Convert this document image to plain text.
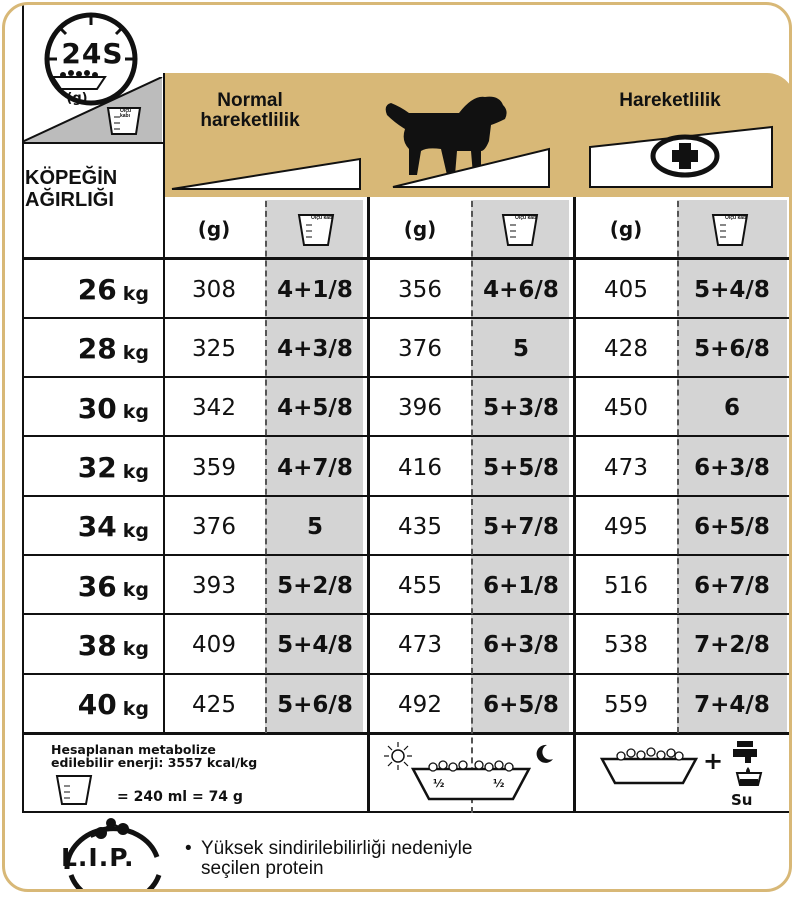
24S
(g)
Ölçü kabı
KÖPEĞİN
AĞIRLIĞI
Normal
hareketlilik
Hareketlilik
(g)	(g)	(g)
Ölçü kabı	Ölçü kabı	Ölçü kabı
26 kg	308	4+1/8	356	4+6/8	405	5+4/8
28 kg	325	4+3/8	376	5	428	5+6/8
30 kg	342	4+5/8	396	5+3/8	450	6
32 kg	359	4+7/8	416	5+5/8	473	6+3/8
34 kg	376	5	435	5+7/8	495	6+5/8
36 kg	393	5+2/8	455	6+1/8	516	6+7/8
38 kg	409	5+4/8	473	6+3/8	538	7+2/8
40 kg	425	5+6/8	492	6+5/8	559	7+4/8
Hesaplanan metabolize
edilebilir enerji: 3557 kcal/kg
= 240 ml = 74 g
½	½
+
Su
L.I.P.	• Yüksek sindirilebilirliği nedeniyle
seçilen protein
